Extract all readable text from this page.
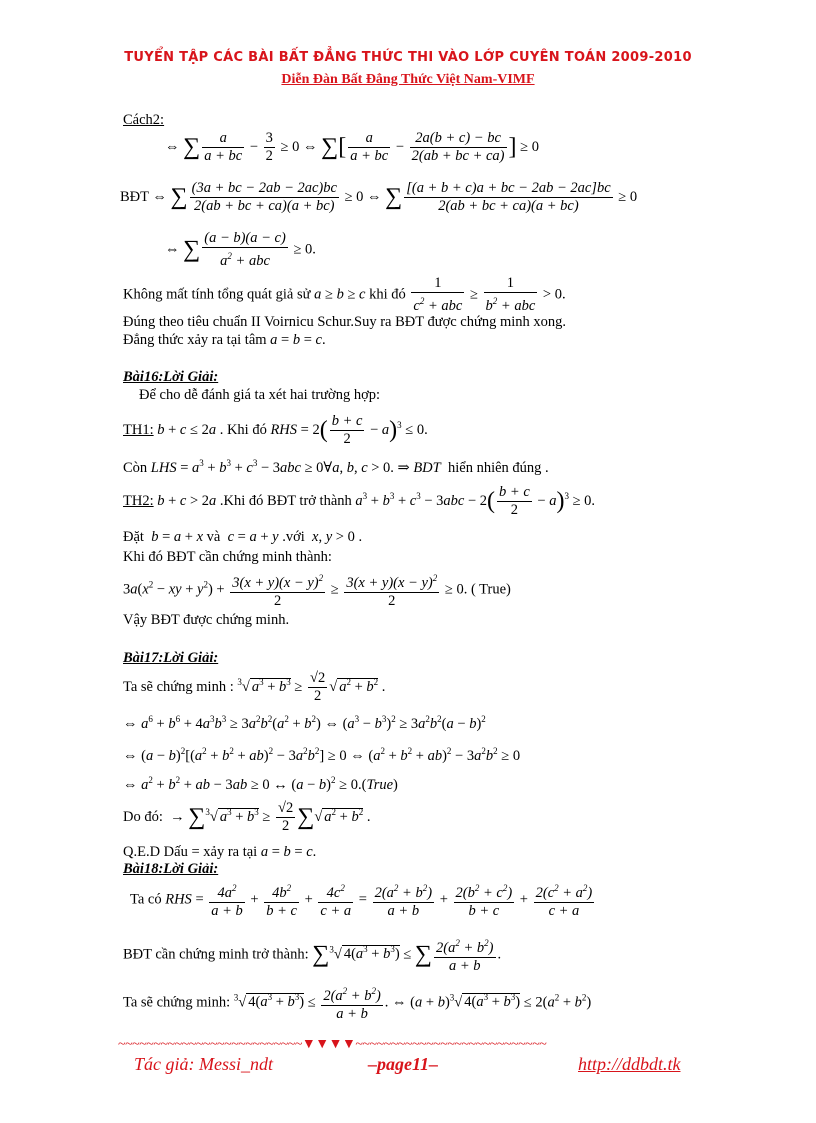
TUYỂN TẬP CÁC BÀI BẤT ĐẲNG THỨC THI VÀO LỚP CUYÊN TOÁN 2009-2010
Diễn Đàn Bất Đẳng Thức Việt Nam-VIMF
Cách2:
⇔ ∑ $\frac{a}{a + bc} - \frac{3}{2} \ge 0$ ⇔ ∑[ $\frac{a}{a + bc} - \frac{2a(b + c) - bc}{2(ab + bc + ca)}$ ] ≥ 0
BĐT ⇔ ∑ $\frac{(3a + bc - 2ab - 2ac)bc}{2(ab + bc + ca)(a + bc)} \ge 0$ ⇔ ∑ $\frac{[(a + b + c)a + bc - 2ab - 2ac]bc}{2(ab + bc + ca)(a + bc)} \ge 0$
⇔ ∑ $\frac{(a - b)(a - c)}{a^2 + abc} \ge 0$.
Không mất tính tổng quát giả sử a ≥ b ≥ c khi đó $\frac{1}{c^2 + abc} \ge \frac{1}{b^2 + abc} > 0$.
Đúng theo tiêu chuẩn II Voirnicu Schur.Suy ra BĐT được chứng minh xong.
Đẳng thức xảy ra tại tâm a = b = c.
Bài16:Lời Giải:
Để cho dễ đánh giá ta xét hai trường hợp:
TH1: b + c ≤ 2a . Khi đó RHS = $2( \frac{b + c}{2} - a)^3 \le 0$.
Còn LHS = $a^3 + b^3 + c^3 - 3abc$ ≥ 0∀a, b, c > 0. ⇒ BDT hiển nhiên đúng .
TH2: b + c > 2a .Khi đó BĐT trở thành $a^3 + b^3 + c^3 - 3abc - 2( \frac{b + c}{2} - a)^3 \ge 0$.
Đặt b = a + x và c = a + y .với x, y > 0 .
Khi đó BĐT cần chứng minh thành:
$3a(x^2$ − xy + $y^2) + \frac{3(x + y)(x - y)^2}{2} \ge \frac{3(x + y)(x - y)^2}{2} \ge 0$. ( True)
Vậy BĐT được chứng minh.
Bài17:Lời Giải:
Ta sẽ chứng minh : $^3$√ $a^3 + b^3 \ge \frac{√2}{2}$ √ $a^2 + b^2$ .
⇔ $a^6 + b^6 + 4a^3b^3 \ge 3a^2b^2(a^2 + b^2)$ ⇔ $(a^3 - b^3)^2 \ge 3a^2b^2(a - b)^2$
⇔ $(a - b)^2[(a^2 + b^2 + ab)^2 - 3a^2b^2] \ge 0$ ⇔ $(a^2 + b^2 + ab)^2 - 3a^2b^2 \ge 0$
⇔ $a^2 + b^2$ + ab − 3ab ≥ 0 ↔ $(a - b)^2$ ≥ 0.(True)
Do đó:  → ∑$^3$√ $a^3 + b^3 \ge \frac{√2}{2}$ ∑√ $a^2 + b^2$ .
Q.E.D Dấu = xảy ra tại a = b = c.
Bài18:Lời Giải:
Ta có RHS = $\frac{4a^2}{a + b} + \frac{4b^2}{b + c} + \frac{4c^2}{c + a} = \frac{2(a^2 + b^2)}{a + b} + \frac{2(b^2 + c^2)}{b + c} + \frac{2(c^2 + a^2)}{c + a}$
BĐT cần chứng minh trở thành: ∑$^3$√ $4(a^3 + b^3)$ ≤ ∑ $\frac{2(a^2 + b^2)}{a + b}$ .
Ta sẽ chứng minh: $^3$√ $4(a^3 + b^3) \le \frac{2(a^2 + b^2)}{a + b}$ . ⇔ $(a + b)^3√$ $4(a^3 + b^3) \le 2(a^2 + b^2)$
~~~~~~~~~~~~~~~~~~~~~~~~~~▼▼▼▼~~~~~~~~~~~~~~~~~~~~~~~~~~~
Tác giả: Messi_ndt	–page11–	http://ddbdt.tk
